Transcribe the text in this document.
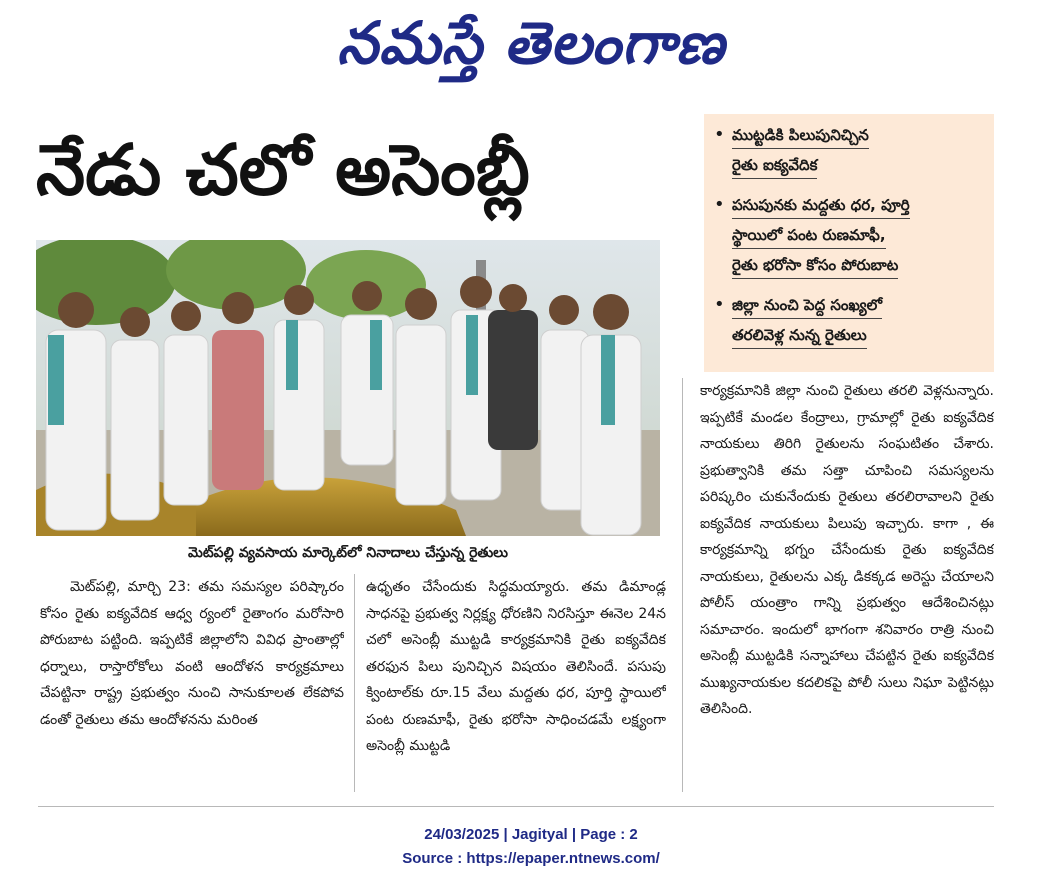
నమస్తే తెలంగాణ
నేడు చలో అసెంబ్లీ
మెట్‌పల్లి వ్యవసాయ మార్కెట్‌లో నినాదాలు చేస్తున్న రైతులు
• ముట్టడికి పిలుపునిచ్చిన
రైతు ఐక్యవేదిక
• పసుపునకు మద్దతు ధర, పూర్తి
స్థాయిలో పంట రుణమాఫీ,
రైతు భరోసా కోసం పోరుబాట
• జిల్లా నుంచి పెద్ద సంఖ్యలో
తరలివెళ్ల నున్న రైతులు

మెట్‌పల్లి, మార్చి 23: తమ సమస్యల పరిష్కారం కోసం రైతు ఐక్యవేదిక ఆధ్వ ర్యంలో రైతాంగం మరోసారి పోరుబాట పట్టింది. ఇప్పటికే జిల్లాలోని వివిధ ప్రాంతాల్లో ధర్నాలు, రాస్తారోకోలు వంటి ఆందోళన కార్యక్రమాలు చేపట్టినా రాష్ట్ర ప్రభుత్వం నుంచి సానుకూలత లేకపోవ డంతో రైతులు తమ ఆందోళనను మరింత

ఉధృతం చేసేందుకు సిద్ధమయ్యారు. తమ డిమాండ్ల సాధనపై ప్రభుత్వ నిర్లక్ష్య ధోరణిని నిరసిస్తూ ఈనెల 24న చలో అసెంబ్లీ ముట్టడి కార్యక్రమానికి రైతు ఐక్యవేదిక తరఫున పిలు పునిచ్చిన విషయం తెలిసిందే. పసుపు క్వింటాల్‌కు రూ.15 వేలు మద్దతు ధర, పూర్తి స్థాయిలో పంట రుణమాఫీ, రైతు భరోసా సాధించడమే లక్ష్యంగా అసెంబ్లీ ముట్టడి

కార్యక్రమానికి జిల్లా నుంచి రైతులు తరలి వెళ్లనున్నారు. ఇప్పటికే మండల కేంద్రాలు, గ్రామాల్లో రైతు ఐక్యవేదిక నాయకులు తిరిగి రైతులను సంఘటితం చేశారు. ప్రభుత్వానికి తమ సత్తా చూపించి సమస్యలను పరిష్కరిం చుకునేందుకు రైతులు తరలిరావాలని రైతు ఐక్యవేదిక నాయకులు పిలుపు ఇచ్చారు. కాగా , ఈ కార్యక్రమాన్ని భగ్నం చేసేందుకు రైతు ఐక్యవేదిక నాయకులు, రైతులను ఎక్క డికక్కడ అరెస్టు చేయాలని పోలీస్ యంత్రాం గాన్ని ప్రభుత్వం ఆదేశించినట్లు సమాచారం. ఇందులో భాగంగా శనివారం రాత్రి నుంచి అసెంబ్లీ ముట్టడికి సన్నాహాలు చేపట్టిన రైతు ఐక్యవేదిక ముఖ్యనాయకుల కదలికపై పోలీ సులు నిఘా పెట్టినట్లు తెలిసింది.

24/03/2025 | Jagityal | Page : 2
Source : https://epaper.ntnews.com/
